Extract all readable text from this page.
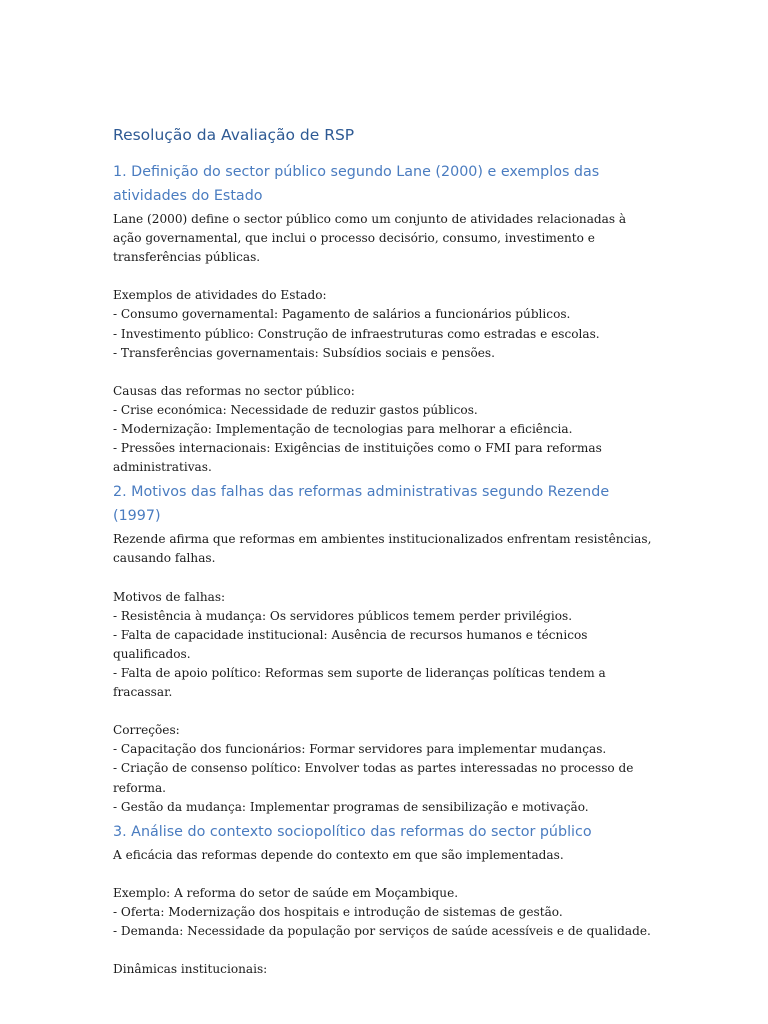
Resolução da Avaliação de RSP
1. Definição do sector público segundo Lane (2000) e exemplos das atividades do Estado

Lane (2000) define o sector público como um conjunto de atividades relacionadas à ação governamental, que inclui o processo decisório, consumo, investimento e transferências públicas.

Exemplos de atividades do Estado:

- Consumo governamental: Pagamento de salários a funcionários públicos.

- Investimento público: Construção de infraestruturas como estradas e escolas.

- Transferências governamentais: Subsídios sociais e pensões.

Causas das reformas no sector público:

- Crise económica: Necessidade de reduzir gastos públicos.

- Modernização: Implementação de tecnologias para melhorar a eficiência.

- Pressões internacionais: Exigências de instituições como o FMI para reformas administrativas.

2. Motivos das falhas das reformas administrativas segundo Rezende (1997)

Rezende afirma que reformas em ambientes institucionalizados enfrentam resistências, causando falhas.

Motivos de falhas:

- Resistência à mudança: Os servidores públicos temem perder privilégios.

- Falta de capacidade institucional: Ausência de recursos humanos e técnicos qualificados.

- Falta de apoio político: Reformas sem suporte de lideranças políticas tendem a fracassar.

Correções:

- Capacitação dos funcionários: Formar servidores para implementar mudanças.

- Criação de consenso político: Envolver todas as partes interessadas no processo de reforma.

- Gestão da mudança: Implementar programas de sensibilização e motivação.

3. Análise do contexto sociopolítico das reformas do sector público

A eficácia das reformas depende do contexto em que são implementadas.

Exemplo: A reforma do setor de saúde em Moçambique.

- Oferta: Modernização dos hospitais e introdução de sistemas de gestão.

- Demanda: Necessidade da população por serviços de saúde acessíveis e de qualidade.

Dinâmicas institucionais:
